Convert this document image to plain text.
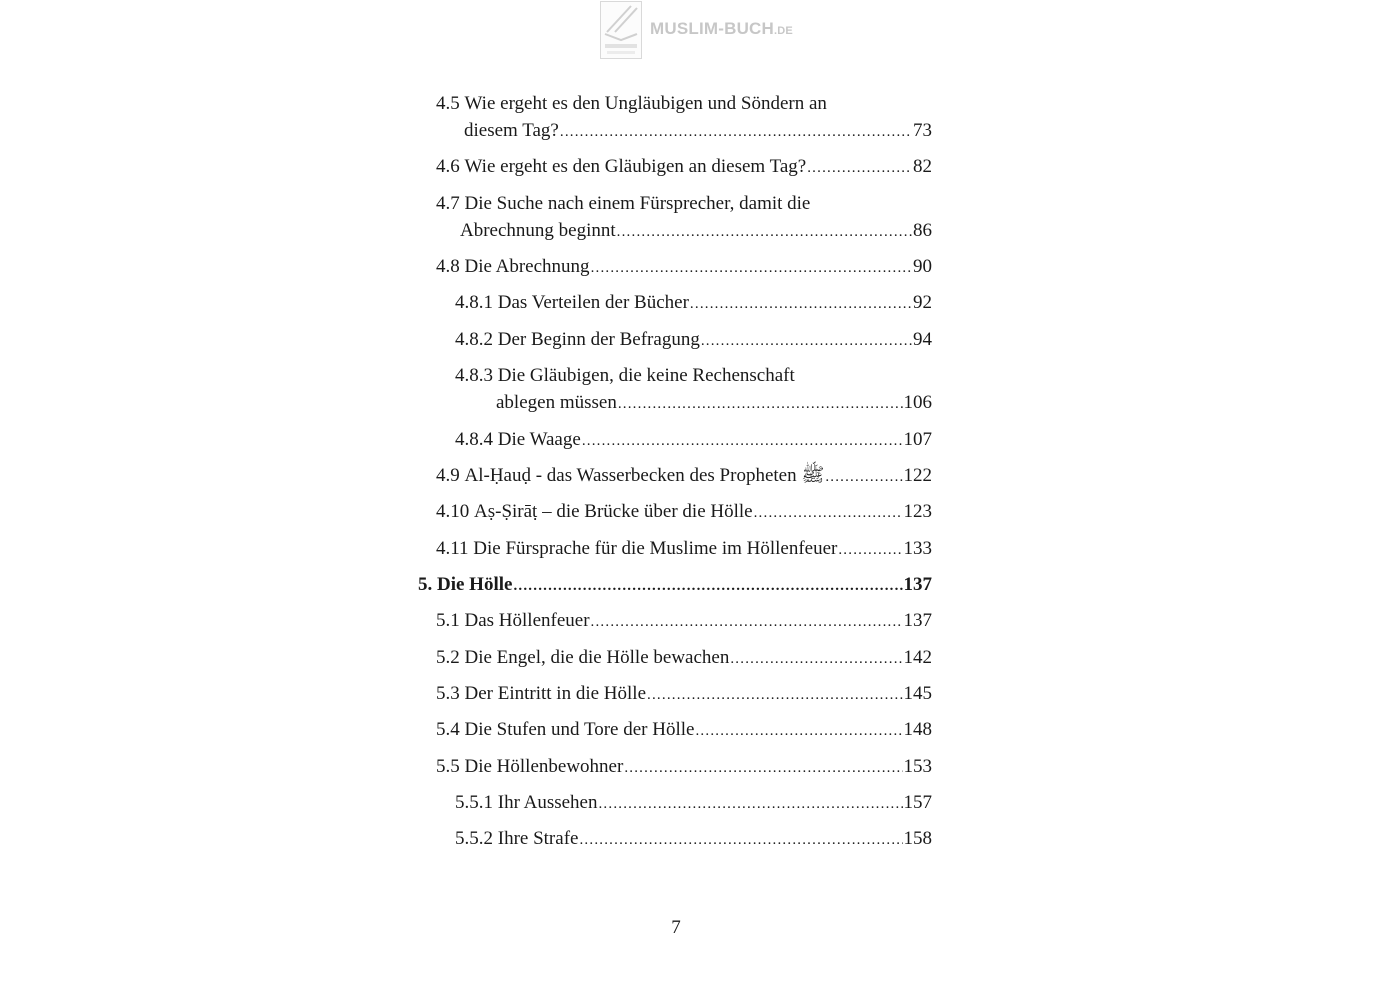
MUSLIM-BUCH.DE
4.5
Wie ergeht es den Ungläubigen und Söndern an
diesem Tag? .....	73
4.6
Wie ergeht es den Gläubigen an diesem Tag? .....	82
4.7
Die Suche nach einem Fürsprecher, damit die
Abrechnung beginnt .....	86
4.8
Die Abrechnung .....	90
4.8.1
Das Verteilen der Bücher .....	92
4.8.2
Der Beginn der Befragung .....	94
4.8.3
Die Gläubigen, die keine Rechenschaft
ablegen müssen .....	106
4.8.4
Die Waage .....	107
4.9
Al-Ḥauḍ - das Wasserbecken des Propheten ﷺ .....	122
4.10
Aṣ-Ṣirāṭ – die Brücke über die Hölle .....	123
4.11
Die Fürsprache für die Muslime im Höllenfeuer .....	133
5.
Die Hölle .....	137
5.1
Das Höllenfeuer .....	137
5.2
Die Engel, die die Hölle bewachen .....	142
5.3
Der Eintritt in die Hölle .....	145
5.4
Die Stufen und Tore der Hölle .....	148
5.5
Die Höllenbewohner .....	153
5.5.1
Ihr Aussehen .....	157
5.5.2
Ihre Strafe .....	158
7
